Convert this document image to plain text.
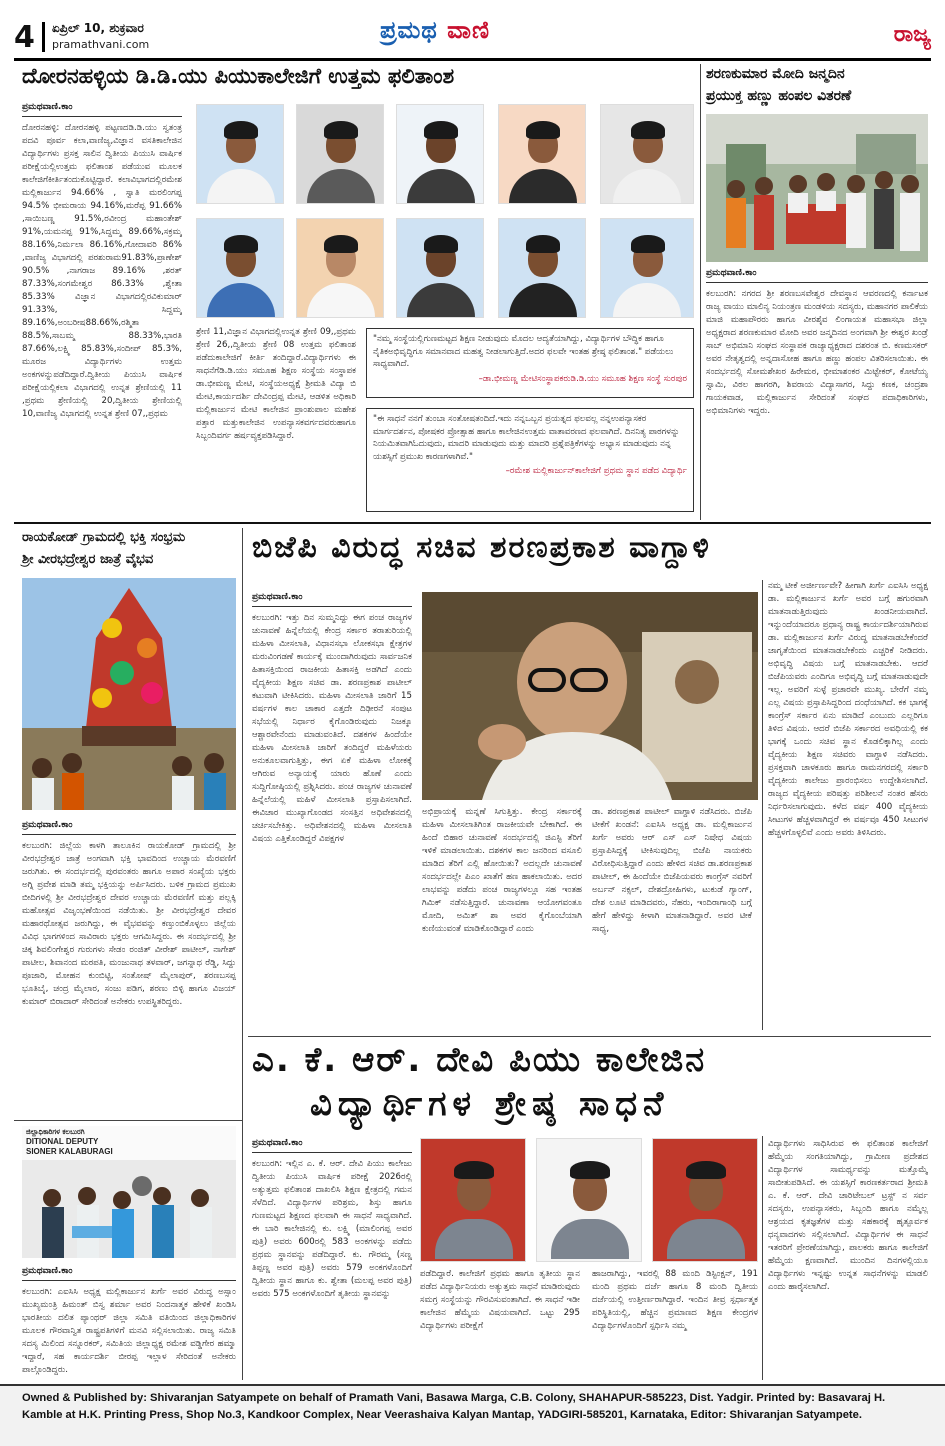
4 ಏಪ್ರಿಲ್ 10, ಶುಕ್ರವಾರ
pramathvani.com
ಪ್ರಮಥ ವಾಣಿ	ರಾಜ್ಯ
ದೋರನಹಳ್ಳಿಯ ಡಿ.ಡಿ.ಯು ಪಿಯುಕಾಲೇಜಿಗೆ ಉತ್ತಮ ಫಲಿತಾಂಶ
ಪ್ರಮಥವಾಣಿ.ಕಾಂ
ದೋರನಹಳ್ಳಿ: ದೋರನಹಳ್ಳಿ ಪಟ್ಟಣದಡಿ.ಡಿ.ಯು ಸ್ವತಂತ್ರ ಪದವಿ ಪೂರ್ವ ಕಲಾ,ವಾಣಿಜ್ಯ,ವಿಜ್ಞಾನ ವಸತಿಕಾಲೇಜಿನ ವಿದ್ಯಾರ್ಥಿಗಳು ಪ್ರಸಕ್ತ ಸಾಲಿನ ದ್ವಿತೀಯ ಪಿಯುಸಿ ವಾರ್ಷಿಕ ಪರೀಕ್ಷೆಯಲ್ಲಿಉತ್ತಮ ಫಲಿತಾಂಶ ಪಡೆಯುವ ಮೂಲಕ ಕಾಲೇಜಿಗೆಕೀರ್ತಿತಂದುಕೊಟ್ಟಿದ್ದಾರೆ. ಕಲಾವಿಭಾಗದಲ್ಲಿರಮೇಶ ಮಲ್ಲಿಕಾರ್ಜುನ 94.66% , ಸ್ವಾತಿ ಮರಲಿಂಗಪ್ಪ 94.5% ಭೀಮರಾಯ 94.16%,ಮರೆಪ್ಪ 91.66% ,ಸಾಯಿಬಣ್ಣ 91.5%,ರವೀಂದ್ರ ಮಹಾಂತೇಶ್ 91%,ಯಮನಪ್ಪ 91%,ಸಿದ್ದಮ್ಮ 89.66%,ಸಕ್ರಮ್ಮ 88.16%,ನಿರ್ಮಲಾ 86.16%,ಗೋದಾವರಿ 86% ,ವಾಣಿಜ್ಯ ವಿಭಾಗದಲ್ಲಿ ಪರಶುರಾಮ91.83%,ಪ್ರಾಣೇಶ್ 90.5% ,ನಾಗರಾಜ 89.16% ,ಶರತ್ 87.33%,ಸಂಗಮೇಶ್ವರ 86.33% ,ಶ್ವೇತಾ 85.33% ವಿಜ್ಞಾನ ವಿಭಾಗದಲ್ಲಿರವಿಕುಮಾರ್ 91.33%, ಸಿದ್ದಮ್ಮ 89.16%,ಅಂಬರೀಷ88.66%,ರಶ್ಮಿತಾ 88.5%,ಸಾಬಮ್ಮ 88.33%,ಭಾರತಿ 87.66%,ಲಕ್ಷ್ಮಿ 85.83%,ಸಂದೀಪ್ 85.3%, ಮೂರಜ ವಿದ್ಯಾರ್ಥಿಗಳು ಉತ್ತಮ ಅಂಕಗಳನ್ನುಪಡೆದಿದ್ದಾರೆ.ದ್ವಿತೀಯ ಪಿಯುಸಿ ವಾರ್ಷಿಕ ಪರೀಕ್ಷೆಯಲ್ಲಿಕಲಾ ವಿಭಾಗದಲ್ಲಿ ಉನ್ನತ ಶ್ರೇಣಿಯಲ್ಲಿ 11 ,ಪ್ರಥಮ ಶ್ರೇಣಿಯಲ್ಲಿ 20,ದ್ವಿತೀಯ ಶ್ರೇಣಿಯಲ್ಲಿ 10,ವಾಣಿಜ್ಯ ವಿಭಾಗದಲ್ಲಿ ಉನ್ನತ ಶ್ರೇಣಿ 07,,ಪ್ರಥಮ
ಶ್ರೇಣಿ 11,ವಿಜ್ಞಾನ ವಿಭಾಗದಲ್ಲಿಉನ್ನತ ಶ್ರೇಣಿ 09,,ಪ್ರಥಮ ಶ್ರೇಣಿ 26,,ದ್ವಿತೀಯ ಶ್ರೇಣಿ 08 ಉತ್ತಮ ಫಲಿತಾಂಶ ಪಡೆದುಕಾಲೇಜಿಗೆ ಕೀರ್ತಿ ತಂದಿದ್ದಾರೆ.ವಿದ್ಯಾರ್ಥಿಗಳು ಈ ಸಾಧನೆಗೆಡಿ.ಡಿ.ಯು ಸಮೂಹ ಶಿಕ್ಷಣ ಸಂಸ್ಥೆಯ ಸಂಸ್ಥಾಪಕ ಡಾ.ಭೀಮಣ್ಣ ಮೇಟಿ, ಸಂಸ್ಥೆಯಅಧ್ಯಕ್ಷೆ ಶ್ರೀಮತಿ ವಿದ್ಯಾ ಬಿ ಮೇಟಿ,ಕಾರ್ಯದರ್ಶಿ ದೇವಿಂದ್ರಪ್ಪ ಮೇಟಿ, ಆಡಳಿತ ಅಧಿಕಾರಿ ಮಲ್ಲಿಕಾರ್ಜುನ ಮೇಟಿ ಕಾಲೇಜಿನ ಪ್ರಾಂಶುಪಾಲ ಮಹೇಶ ಪತ್ತಾರ ಮತ್ತುಕಾಲೇಜಿನ ಉಪನ್ಯಾಸಕವರ್ಗದವರುಹಾಗೂ ಸಿಬ್ಬಂದಿವರ್ಗ ಹರ್ಷವ್ಯಕ್ತಪಡಿಸಿದ್ದಾರೆ.
"ನಮ್ಮ ಸಂಸ್ಥೆಯಲ್ಲಿಗುಣಮಟ್ಟದ ಶಿಕ್ಷಣ ನೀಡುವುದು ಮೊದಲ ಆದ್ಯತೆಯಾಗಿದ್ದು, ವಿದ್ಯಾರ್ಥಿಗಳ ಬೌದ್ಧಿಕ ಹಾಗೂ ನೈತಿಕಅಭಿವೃದ್ಧಿಗೂ ಸಮಾನವಾದ ಮಹತ್ವ ನೀಡಲಾಗುತ್ತಿದೆ.ಅದರ ಫಲವೇ ಇಂತಹ ಶ್ರೇಷ್ಠ ಫಲಿತಾಂಶ." ಪಡೆಯಲು ಸಾಧ್ಯವಾಗಿದೆ.
–ಡಾ.ಭೀಮಣ್ಣ ಮೇಟಿಸಂಸ್ಥಾಪಕರುಡಿ.ಡಿ.ಯು ಸಮೂಹ ಶಿಕ್ಷಣ ಸಂಸ್ಥೆ ಸುರಪುರ
"ಈ ಸಾಧನೆ ನನಗೆ ತುಂಬಾ ಸಂತೋಷತಂದಿದೆ.ಇದು ನನ್ನಒಬ್ಬನ ಪ್ರಯತ್ನದ ಫಲವಲ್ಲ ನನ್ನಉಪನ್ಯಾಸಕರ ಮಾರ್ಗದರ್ಶನ, ಪೋಷಕರ ಪ್ರೋತ್ಸಾಹ ಹಾಗೂ ಕಾಲೇಜಿನಉತ್ತಮ ವಾತಾವರಣದ ಫಲವಾಗಿದೆ. ದಿನನಿತ್ಯ ಪಾಠಗಳನ್ನು ನಿಯಮಿತವಾಗಿಓದುವುದು, ಮಾದರಿ ಮಾಡುವುದು ಮತ್ತು ಮಾದರಿ ಪ್ರಶ್ನೆಪತ್ರಿಕೆಗಳನ್ನು ಅಭ್ಯಾಸ ಮಾಡುವುದು ನನ್ನ ಯಶಸ್ಸಿಗೆ ಪ್ರಮುಖ ಕಾರಣಗಳಾಗಿವೆ."
–ರಮೇಶ ಮಲ್ಲಿಕಾರ್ಜುನ್‌ಕಾಲೇಜಿಗೆ ಪ್ರಥಮ ಸ್ಥಾನ ಪಡೆದ ವಿದ್ಯಾರ್ಥಿ
ಶರಣಕುಮಾರ ಮೋದಿ ಜನ್ಮದಿನ
ಪ್ರಯುಕ್ತ ಹಣ್ಣು ಹಂಪಲ ವಿತರಣೆ
ಪ್ರಮಥವಾಣಿ.ಕಾಂ
ಕಲಬುರಗಿ: ನಗರದ ಶ್ರೀ ಶರಣಬಸವೇಶ್ವರ ದೇವಸ್ಥಾನ ಆವರಣದಲ್ಲಿ ಕರ್ನಾಟಕ ರಾಜ್ಯ ವಾಯು ಮಾಲಿನ್ಯ ನಿಯಂತ್ರಣ ಮಂಡಳಿಯ ಸದಸ್ಯರು, ಮಹಾನಗರ ಪಾಲಿಕೆಯ ಮಾಜಿ ಮಹಾಪೌರರು ಹಾಗೂ ವೀರಶೈವ ಲಿಂಗಾಯತ ಮಹಾಸಭಾ ಜಿಲ್ಲಾ ಅಧ್ಯಕ್ಷರಾದ ಶರಣಕುಮಾರ ಮೋದಿ ಅವರ ಜನ್ಮದಿನದ ಅಂಗವಾಗಿ ಶ್ರೀ ಈಶ್ವರ ಖಂಡ್ರೆ ಸಾಬ್ ಅಭಿಮಾನಿ ಸಂಘದ ಸಂಸ್ಥಾಪಕ ರಾಜ್ಯಾಧ್ಯಕ್ಷರಾದ ದಶರಂತ ಬಿ. ಕಣಮಸಕರ್ ಅವರ ನೇತೃತ್ವದಲ್ಲಿ ಅನ್ನದಾಸೋಹ ಹಾಗೂ ಹಣ್ಣು ಹಂಪಲ ವಿತರಿಸಲಾಯಿತು. ಈ ಸಂದರ್ಭದಲ್ಲಿ ಸೋಮಶೇಖರ ಹಿರೇಮಠ, ಭೀಮಾಶಂಕರ ಮಿಟ್ಟೇಕರ್, ಕೋಟೆಯ್ಯ ಸ್ವಾಮಿ, ವಿಠಲ ಹಾಗರಗಿ, ಶಿವರಾಯ ವಿದ್ಯಾಸಾಗರ, ಸಿದ್ದು ಕಣಕ, ಚಂದ್ರಶಾ ಗಾಯಕವಾಡ, ಮಲ್ಲಿಕಾರ್ಜುನ ಸೇರಿದಂತೆ ಸಂಘದ ಪದಾಧಿಕಾರಿಗಳು, ಅಭಿಮಾನಿಗಳು ಇದ್ದರು.
ರಾಯಕೋಡ್ ಗ್ರಾಮದಲ್ಲಿ ಭಕ್ತಿ ಸಂಭ್ರಮ
ಶ್ರೀ ವೀರಭದ್ರೇಶ್ವರ ಜಾತ್ರೆ ವೈಭವ
ಪ್ರಮಥವಾಣಿ.ಕಾಂ
ಕಲಬುರಗಿ: ಜಿಲ್ಲೆಯ ಕಾಳಗಿ ತಾಲೂಕಿನ ರಾಯಕೋಡ್ ಗ್ರಾಮದಲ್ಲಿ ಶ್ರೀ ವೀರಭದ್ರೇಶ್ವರ ಜಾತ್ರೆ ಅಂಗವಾಗಿ ಭಕ್ತಿ ಭಾವದಿಂದ ಉಚ್ಚಾಯ ಮೆರವಣಿಗೆ ಜರುಗಿತು. ಈ ಸಂದರ್ಭದಲ್ಲಿ ಪುರವಂತರು ಹಾಗೂ ಅಪಾರ ಸಂಖ್ಯೆಯ ಭಕ್ತರು ಅಗ್ನಿ ಪ್ರವೇಶ ಮಾಡಿ ತಮ್ಮ ಭಕ್ತಿಯನ್ನು ಅರ್ಪಿಸಿದರು. ಬಳಿಕ ಗ್ರಾಮದ ಪ್ರಮುಖ ಬೀದಿಗಳಲ್ಲಿ ಶ್ರೀ ವೀರಭದ್ರೇಶ್ವರ ದೇವರ ಉಚ್ಚಾಯ ಮೆರವಣಿಗೆ ಮತ್ತು ಪಲ್ಲಕ್ಕಿ ಮಹೋತ್ಸವ ವಿಜೃಂಭಣೆಯಿಂದ ನಡೆಯಿತು. ಶ್ರೀ ವೀರಭದ್ರೇಶ್ವರ ದೇವರ ಮಹಾರಥೋತ್ಸವ ಜರುಗಿದ್ದು, ಈ ವೈಭವವನ್ನು ಕಣ್ತುಂಬಿಕೊಳ್ಳಲು ಜಿಲ್ಲೆಯ ವಿವಿಧ ಭಾಗಗಳಿಂದ ಸಾವಿರಾರು ಭಕ್ತರು ಆಗಮಿಸಿದ್ದರು. ಈ ಸಂದರ್ಭದಲ್ಲಿ ಶ್ರೀ ಚಿಕ್ಕ ಶಿವಲಿಂಗೇಶ್ವರ ಗುರುಗಳು ಸೇಡಂ ರಂಜಿತ್ ವೀರೇಶ್ ಪಾಟೀಲ್, ನಾಗೇಶ್ ಪಾಟೀಲ, ಶಿವಾನಂದ ಮಠಪತಿ, ಮಂಜುನಾಥ ತಳವಾರ್, ಜಗನ್ನಾಥ ರೆಡ್ಡಿ, ಸಿದ್ದು ಪೂಜಾರಿ, ಮೋಹನ ಕುಂಬಿಟ್ಟಿ, ಸಂತೋಷ್ ಮೈಲಾಪುರ್, ಶರಣಬಸಪ್ಪ ಭೂತಿಬೈ, ಚಂದ್ರ ಮೈಲಾರ, ಸಂಜು ಪಡಿಗ, ಶರಣು ಬಿಳ್ಳಿ ಹಾಗೂ ವಿಜಯ್ ಕುಮಾರ್ ಬಿರಾದಾರ್ ಸೇರಿದಂತೆ ಅನೇಕರು ಉಪಸ್ಥಿತರಿದ್ದರು.
ಬಿಜೆಪಿ ವಿರುದ್ಧ ಸಚಿವ ಶರಣಪ್ರಕಾಶ ವಾಗ್ದಾಳಿ
ಪ್ರಮಥವಾಣಿ.ಕಾಂ
ಕಲಬುರಗಿ: ಇತ್ತು ದಿನ ಸುಮ್ಮನಿದ್ದು ಈಗ ಪಂಚ ರಾಜ್ಯಗಳ ಚುನಾವಣೆ ಹಿನ್ನೆಲೆಯಲ್ಲಿ ಕೇಂದ್ರ ಸರ್ಕಾರ ತರಾತುರಿಯಲ್ಲಿ ಮಹಿಳಾ ಮೀಸಲಾತಿ, ವಿಧಾನಸಭಾ ಲೋಕಸಭಾ ಕ್ಷೇತ್ರಗಳ ಮರುವಿಂಗಡಣೆ ಕಾರ್ಯಕ್ಕೆ ಮುಂದಾಗಿರುವುದು ಸಾರ್ವಜನಿಕ ಹಿತಾಸಕ್ತಿಯಿಂದ ರಾಜಕೀಯ ಹಿತಾಸಕ್ತಿ ಅಡಗಿದೆ ಎಂದು ವೈದ್ಯಕೀಯ ಶಿಕ್ಷಣ ಸಚಿವ ಡಾ. ಶರಣಪ್ರಕಾಶ ಪಾಟೀಲ್ ಕಟುವಾಗಿ ಟೀಕಿಸಿದರು. ಮಹಿಳಾ ಮೀಸಲಾತಿ ಜಾರಿಗೆ 15 ವರ್ಷಗಳ ಕಾಲ ಚಾಕಾರ ಎತ್ತದೇ ದಿಢೀರನೆ ಸಂಪುಟ ಸಭೆಯಲ್ಲಿ ನಿರ್ಧಾರ ಕೈಗೊಂಡಿರುವುದು ನಿಜಕ್ಕೂ ಆಶ್ಚಾರವೇನೆಂದು ಮಾಡುವಂತಿದೆ. ದಶಕಗಳ ಹಿಂದೆಯೇ ಮಹಿಳಾ ಮೀಸಲಾತಿ ಜಾರಿಗೆ ತಂದಿದ್ದರೆ ಮಹಿಳೆಯರು ಅನುಕೂಲವಾಗುತ್ತಿತ್ತು, ಈಗ ಏಕೆ ಮಹಿಳಾ ಲೋಕಕ್ಕೆ ಆಗಿರುವ ಅನ್ಯಾಯಕ್ಕೆ ಯಾರು ಹೊಣೆ ಎಂದು ಸುದ್ದಿಗೋಷ್ಠಿಯಲ್ಲಿ ಪ್ರಶ್ನಿಸಿದರು. ಪಂಚ ರಾಜ್ಯಗಳ ಚುನಾವಣೆ ಹಿನ್ನೆಲೆಯಲ್ಲಿ ಮಹಿಳೆ ಮೀಸಲಾತಿ ಪ್ರಸ್ತಾಪಿಸಲಾಗಿದೆ. ಈವಿಚಾರ ಮುಖ್ಯಾಗೊಂಡದ ಸಂಸತ್ತಿನ ಅಧಿವೇಶನದಲ್ಲಿ ಚರ್ಚಿಸಬೇಕಿತ್ತು. ಅಧಿವೇಶನದಲ್ಲಿ ಮಹಿಳಾ ಮೀಸಲಾತಿ ವಿಷಯ ಎತ್ತಿಕೊಂಡಿದ್ದರೆ ವಿಪಕ್ಷಗಳ
ಅಭಿಪ್ರಾಯಕ್ಕೆ ಮನ್ನಣೆ ಸಿಗುತ್ತಿತ್ತು. ಕೇಂದ್ರ ಸರ್ಕಾರಕ್ಕೆ ಮಹಿಳಾ ಮೀಸಲಾತಿಗಿಂತ ರಾಜಕೀಯವೇ ಬೇಕಾಗಿದೆ. ಈ ಹಿಂದೆ ಬಿಹಾರ ಚುನಾವಣೆ ಸಂದರ್ಭದಲ್ಲಿ ಜಿಎಸ್ಟಿ ತೆರಿಗೆ ಇಳಿಕೆ ಮಾಡಲಾಯಿತು. ದಶಕಗಳ ಕಾಲ ಜನರಿಂದ ವಸೂಲಿ ಮಾಡಿದ ತೆರಿಗೆ ಎಲ್ಲಿ ಹೋಯಿತು? ಅದಲ್ಲದೇ ಚುನಾವಣೆ ಸಂದರ್ಭದಲ್ಲೇ ಪಿಎಂ ಖಾತೆಗೆ ಹಣ ಹಾಕಲಾಯಿತು. ಅದರ ಲಾಭವನ್ನು ಪಡೆದು ಪಂಚ ರಾಜ್ಯಗಳಲ್ಲೂ ಸಹ ಇಂತಹ ಗಿಮಿಕ್ ನಡೆಸುತ್ತಿದ್ದಾರೆ. ಚುನಾವಣಾ ಆಯೋಗವಂತೂ ಮೋದಿ, ಅಮಿತ್ ಶಾ ಅವರ ಕೈಗೊಂಬೆಯಾಗಿ ಕುಣಿಯುವಂತೆ ಮಾಡಿಕೊಂಡಿದ್ದಾರೆ ಎಂದು
ಡಾ. ಶರಣಪ್ರಕಾಶ ಪಾಟೀಲ್ ವಾಗ್ದಾಳಿ ನಡೆಸಿದರು. ಬಿಜೆಪಿ ಟೀಕೆಗೆ ಖಂಡನೆ: ಎಐಸಿಸಿ ಅಧ್ಯಕ್ಷ ಡಾ. ಮಲ್ಲಿಕಾರ್ಜುನ ಖರ್ಗೆ ಅವರು ಆರ್ ಎಸ್ ಎಸ್ ನಿಷೇಧ ವಿಷಯ ಪ್ರಸ್ತಾಪಿಸಿದ್ದಕ್ಕೆ ಟೀಕಿಸುವುದಿಲ್ಲ ಬಿಜೆಪಿ ನಾಯಕರು ವಿರೋಧಿಸುತ್ತಿದ್ದಾರೆ ಎಂದು ಹೇಳಿದ ಸಚಿವ ಡಾ.ಶರಣಪ್ರಕಾಶ ಪಾಟೀಲ್, ಈ ಹಿಂದೆಯೇ ಬಿಜೆಪಿಯವರು ಕಾಂಗ್ರೆಸ್ ನವರಿಗೆ ಅರ್ಬನ್ ನಕ್ಸಲ್, ದೇಶದ್ರೋಹಿಗಳು, ಟುಕುಡೆ ಗ್ಯಾಂಗ್, ದೇಶ ಲೂಟಿ ಮಾಡಿದವರು, ನೆಹರು, ಇಂದಿರಾಗಾಂಧಿ ಬಗ್ಗೆ ಹೇಗೆ ಹೇಳಿದ್ದು ಕೀಳಾಗಿ ಮಾತನಾಡಿದ್ದಾರೆ. ಅವರ ಟೀಕೆ ಸಾಧ್ಯ,
ನಮ್ಮ ಟೀಕೆ ಅರ್ಜೀರ್ಣವೇ? ಹೀಗಾಗಿ ಖರ್ಗೆ ಎಐಸಿಸಿ ಅಧ್ಯಕ್ಷ ಡಾ. ಮಲ್ಲಿಕಾರ್ಜುನ ಖರ್ಗೆ ಅವರ ಬಗ್ಗೆ ಹಗುರವಾಗಿ ಮಾತನಾಡುತ್ತಿರುವುದು ಖಂಡನೀಯವಾಗಿದೆ. ಇನ್ನುಂದೆಯಾದರೂ ಪ್ರಧಾನ್ಯ ರಾಷ್ಟ್ರ ಕಾರ್ಯದರ್ಶಿಯಾಗಿರುವ ಡಾ. ಮಲ್ಲಿಕಾರ್ಜುನ ಖರ್ಗೆ ವಿರುದ್ಧ ಮಾತನಾಡಬೇಕೆಂದರೆ ಜಾಗೃತೆಯಿಂದ ಮಾತನಾಡಬೇಕೆಂದು ಎಚ್ಚರಿಕೆ ನೀಡಿದರು. ಅಭಿವೃದ್ಧಿ ವಿಷಯ ಬಗ್ಗೆ ಮಾತನಾಡಬೇಕು. ಆದರೆ ಬಿಜೆಪಿಯವರು ಎಂದಿಗೂ ಅಭಿವೃದ್ಧಿ ಬಗ್ಗೆ ಮಾತನಾಡುವುದೇ ಇಲ್ಲ. ಅವರಿಗೆ ಸುಳ್ಳೆ ಪ್ರಚಾರವೇ ಮುಖ್ಯ. ಬೇರೆಗೆ ನಮ್ಮ ಎಲ್ಲ ವಿಷಯ ಪ್ರಸ್ತಾಪಿಸಿದ್ದರಿಂದ ದಂಧೆಯಾಗಿದೆ. ಕಕ ಭಾಗಕ್ಕೆ ಕಾಂಗ್ರೆಸ್ ಸರ್ಕಾರ ಏನು ಮಾಡಿದೆ ಎಂಬುದು ಎಲ್ಲರಿಗೂ ತಿಳಿದ ವಿಷಯ. ಆದರೆ ಬಿಜೆಪಿ ಸರ್ಕಾರದ ಅವಧಿಯಲ್ಲಿ ಕಕ ಭಾಗಕ್ಕೆ ಒಂದು ಸಚಿವ ಸ್ಥಾನ ಕೊಡಲಿಕ್ಕಾಗಿಲ್ಲ ಎಂದು ವೈದ್ಯಕೀಯ ಶಿಕ್ಷಣ ಸಚಿವರು ವಾಗ್ದಾಳಿ ನಡೆಸಿದರು. ಪ್ರಸಕ್ತವಾಗಿ ಚಾಳಕೂರು ಹಾಗೂ ರಾಮನಗರದಲ್ಲಿ ಸರ್ಕಾರಿ ವೈದ್ಯಕೀಯ ಕಾಲೇಜು ಪ್ರಾರಂಭಿಸಲು ಉದ್ದೇಶಿಸಲಾಗಿದೆ. ರಾಜ್ಯದ ವೈದ್ಯಕೀಯ ಪರಿಷತ್ತು ಪರಿಶೀಲನೆ ನಂತರ ಹೆಸರು ನಿರ್ಧರಿಸಲಾಗುವುದು. ಕಳೆದ ವರ್ಷ 400 ವೈದ್ಯಕೀಯ ಸೀಟುಗಳ ಹೆಚ್ಚಳವಾಗಿದ್ದರೆ ಈ ವರ್ಷವೂ 450 ಸೀಟುಗಳ ಹೆಚ್ಚಳಗೊಳ್ಳಲಿವೆ ಎಂದು ಅವರು ತಿಳಿಸಿದರು.
ಎ. ಕೆ. ಆರ್. ದೇವಿ ಪಿಯು ಕಾಲೇಜಿನ
ವಿದ್ಯಾರ್ಥಿಗಳ ಶ್ರೇಷ್ಠ ಸಾಧನೆ
ಪ್ರಮಥವಾಣಿ.ಕಾಂ
ಕಲಬುರಗಿ: ಇಲ್ಲಿನ ಎ. ಕೆ. ಆರ್. ದೇವಿ ಪಿಯು ಕಾಲೇಜು ದ್ವಿತೀಯ ಪಿಯುಸಿ ವಾರ್ಷಿಕ ಪರೀಕ್ಷೆ 2026ರಲ್ಲಿ ಅತ್ಯುತ್ತಮ ಫಲಿತಾಂಶ ದಾಖಲಿಸಿ ಶಿಕ್ಷಣ ಕ್ಷೇತ್ರದಲ್ಲಿ ಗಮನ ಸೆಳೆದಿದೆ. ವಿದ್ಯಾರ್ಥಿಗಳ ಪರಿಶ್ರಮ, ಶಿಸ್ತು ಹಾಗೂ ಗುಣಮಟ್ಟದ ಶಿಕ್ಷಣದ ಫಲವಾಗಿ ಈ ಸಾಧನೆ ಸಾಧ್ಯವಾಗಿದೆ. ಈ ಬಾರಿ ಕಾಲೇಜಿನಲ್ಲಿ ಕು. ಲಕ್ಷ್ಮಿ (ಮಾಲಿಂಗಪ್ಪ ಅವರ ಪುತ್ರಿ) ಅವರು 600ರಲ್ಲಿ 583 ಅಂಕಗಳನ್ನು ಪಡೆದು ಪ್ರಥಮ ಸ್ಥಾನವನ್ನು ಪಡೆದಿದ್ದಾರೆ. ಕು. ಗೌರಮ್ಮ (ಸಣ್ಣ ತಿಪ್ಪಣ್ಣ ಅವರ ಪುತ್ರಿ) ಅವರು 579 ಅಂಕಗಳೊಂದಿಗೆ ದ್ವಿತೀಯ ಸ್ಥಾನ ಹಾಗೂ ಕು. ಶ್ವೇತಾ (ಮಲಪ್ಪ ಅವರ ಪುತ್ರಿ) ಅವರು 575 ಅಂಕಗಳೊಂದಿಗೆ ತೃತೀಯ ಸ್ಥಾನವನ್ನು
ಪಡೆದಿದ್ದಾರೆ. ಕಾಲೇಜಿಗೆ ಪ್ರಥಮ ಹಾಗೂ ತೃತೀಯ ಸ್ಥಾನ ಪಡೆದ ವಿದ್ಯಾರ್ಥಿನಿಯರು ಅತ್ಯುತ್ತಮ ಸಾಧನೆ ಮಾಡಿರುವುದು ಸಮಗ್ರ ಸಂಸ್ಥೆಯನ್ನು ಗೌರವಿಸುವಂತಾಗಿದೆ. ಈ ಸಾಧನೆ ಇಡೀ ಕಾಲೇಜಿನ ಹೆಮ್ಮೆಯ ವಿಷಯವಾಗಿದೆ. ಒಟ್ಟು 295 ವಿದ್ಯಾರ್ಥಿಗಳು ಪರೀಕ್ಷೆಗೆ
ಹಾಜರಾಗಿದ್ದು, ಇವರಲ್ಲಿ 88 ಮಂದಿ ಡಿಸ್ಟಿಂಕ್ಷನ್, 191 ಮಂದಿ ಪ್ರಥಮ ದರ್ಜೆ ಹಾಗೂ 8 ಮಂದಿ ದ್ವಿತೀಯ ದರ್ಜೆಯಲ್ಲಿ ಉತ್ತೀರ್ಣರಾಗಿದ್ದಾರೆ. ಇಂದಿನ ತೀವ್ರ ಸ್ಪರ್ಧಾತ್ಮಕ ಪರಿಸ್ಥಿತಿಯಲ್ಲಿ, ಹೆಚ್ಚಿನ ಪ್ರಮಾಣದ ಶಿಕ್ಷಣ ಕೇಂದ್ರಗಳ ವಿದ್ಯಾರ್ಥಿಗಳೊಂದಿಗೆ ಸ್ಪರ್ಧಿಸಿ ನಮ್ಮ
ವಿದ್ಯಾರ್ಥಿಗಳು ಸಾಧಿಸಿರುವ ಈ ಫಲಿತಾಂಶ ಕಾಲೇಜಿಗೆ ಹೆಮ್ಮೆಯ ಸಂಗತಿಯಾಗಿದ್ದು, ಗ್ರಾಮೀಣ ಪ್ರದೇಶದ ವಿದ್ಯಾರ್ಥಿಗಳ ಸಾಮರ್ಥ್ಯವನ್ನು ಮತ್ತೊಮ್ಮೆ ಸಾಬೀತುಪಡಿಸಿದೆ. ಈ ಯಶಸ್ಸಿಗೆ ಕಾರಣಕರ್ತರಾದ ಶ್ರೀಮತಿ ಎ. ಕೆ. ಆರ್. ದೇವಿ ಚಾರಿಟೇಬಲ್ ಟ್ರಸ್ಟ್ ನ ಸರ್ವ ಸದಸ್ಯರು, ಉಪನ್ಯಾಸಕರು, ಸಿಬ್ಬಂದಿ ಹಾಗೂ ನಮ್ಮೆಲ್ಲ ಆಶ್ರಯದ ಕೃತಜ್ಞತೆಗಳ ಮತ್ತು ಸಹಕಾರಕ್ಕೆ ಹೃತ್ಪೂರ್ವಕ ಧನ್ಯವಾದಗಳು ಸಲ್ಲಿಸಲಾಗಿದೆ. ವಿದ್ಯಾರ್ಥಿಗಳ ಈ ಸಾಧನೆ ಇತರರಿಗೆ ಪ್ರೇರಣೆಯಾಗಿದ್ದು, ಪಾಲಕರು ಹಾಗೂ ಕಾಲೇಜಿಗೆ ಹೆಮ್ಮೆಯ ಕ್ಷಣವಾಗಿದೆ. ಮುಂದಿನ ದಿನಗಳಲ್ಲಿಯೂ ವಿದ್ಯಾರ್ಥಿಗಳು ಇನ್ನಷ್ಟು ಉನ್ನತ ಸಾಧನೆಗಳನ್ನು ಮಾಡಲಿ ಎಂದು ಹಾರೈಸಲಾಗಿದೆ.
ಜಿಲ್ಲಾಧಿಕಾರಿಗಳ ಕಲಬುರಗಿ
DITIONAL DEPUTY
SIONER KALABURAGI
ಪ್ರಮಥವಾಣಿ.ಕಾಂ
ಕಲಬುರಗಿ: ಎಐಸಿಸಿ ಅಧ್ಯಕ್ಷ ಮಲ್ಲಿಕಾರ್ಜುನ ಖರ್ಗೆ ಅವರ ವಿರುದ್ಧ ಅಸ್ಸಾಂ ಮುಖ್ಯಮಂತ್ರಿ ಹಿಮಂತ್ ಬಿಸ್ವ ಶರ್ಮಾ ಅವರ ನಿಂದನಾತ್ಮಕ ಹೇಳಿಕೆ ಖಂಡಿಸಿ ಭಾರತೀಯ ದಲಿತ ಪ್ಯಾಂಥರ್ ಜಿಲ್ಲಾ ಸಮಿತಿ ವತಿಯಿಂದ ಜಿಲ್ಲಾಧಿಕಾರಿಗಳ ಮೂಲಕ ಗೌರವಾನ್ವಿತ ರಾಷ್ಟ್ರಪತಿಗಳಿಗೆ ಮನವಿ ಸಲ್ಲಿಸಲಾಯಿತು. ರಾಜ್ಯ ಸಮಿತಿ ಸದಸ್ಯ ಮಿಲಿಂದ ಸನ್ನೂರಕರ್, ಸಮಿತಿಯ ಜಿಲ್ಲಾಧ್ಯಕ್ಷ ರಮೇಶ ವಡ್ಡಿಗೇರ ಹಮ್ಮಾ ಇದ್ದಾರೆ, ಸಹ ಕಾರ್ಯದರ್ಶಿ ಬೀರಪ್ಪ ಇಲ್ಲಾಳ ಸೇರಿದಂತೆ ಅನೇಕರು ಪಾಲ್ಗೊಂಡಿದ್ದರು.
Owned & Published by: Shivaranjan Satyampete on behalf of Pramath Vani, Basawa Marga, C.B. Colony, SHAHAPUR-585223, Dist. Yadgir. Printed by: Basavaraj H. Kamble at H.K. Printing Press, Shop No.3, Kandkoor Complex, Near Veerashaiva Kalyan Mantap, YADGIRI-585201, Karnataka, Editor: Shivaranjan Satyampete.
